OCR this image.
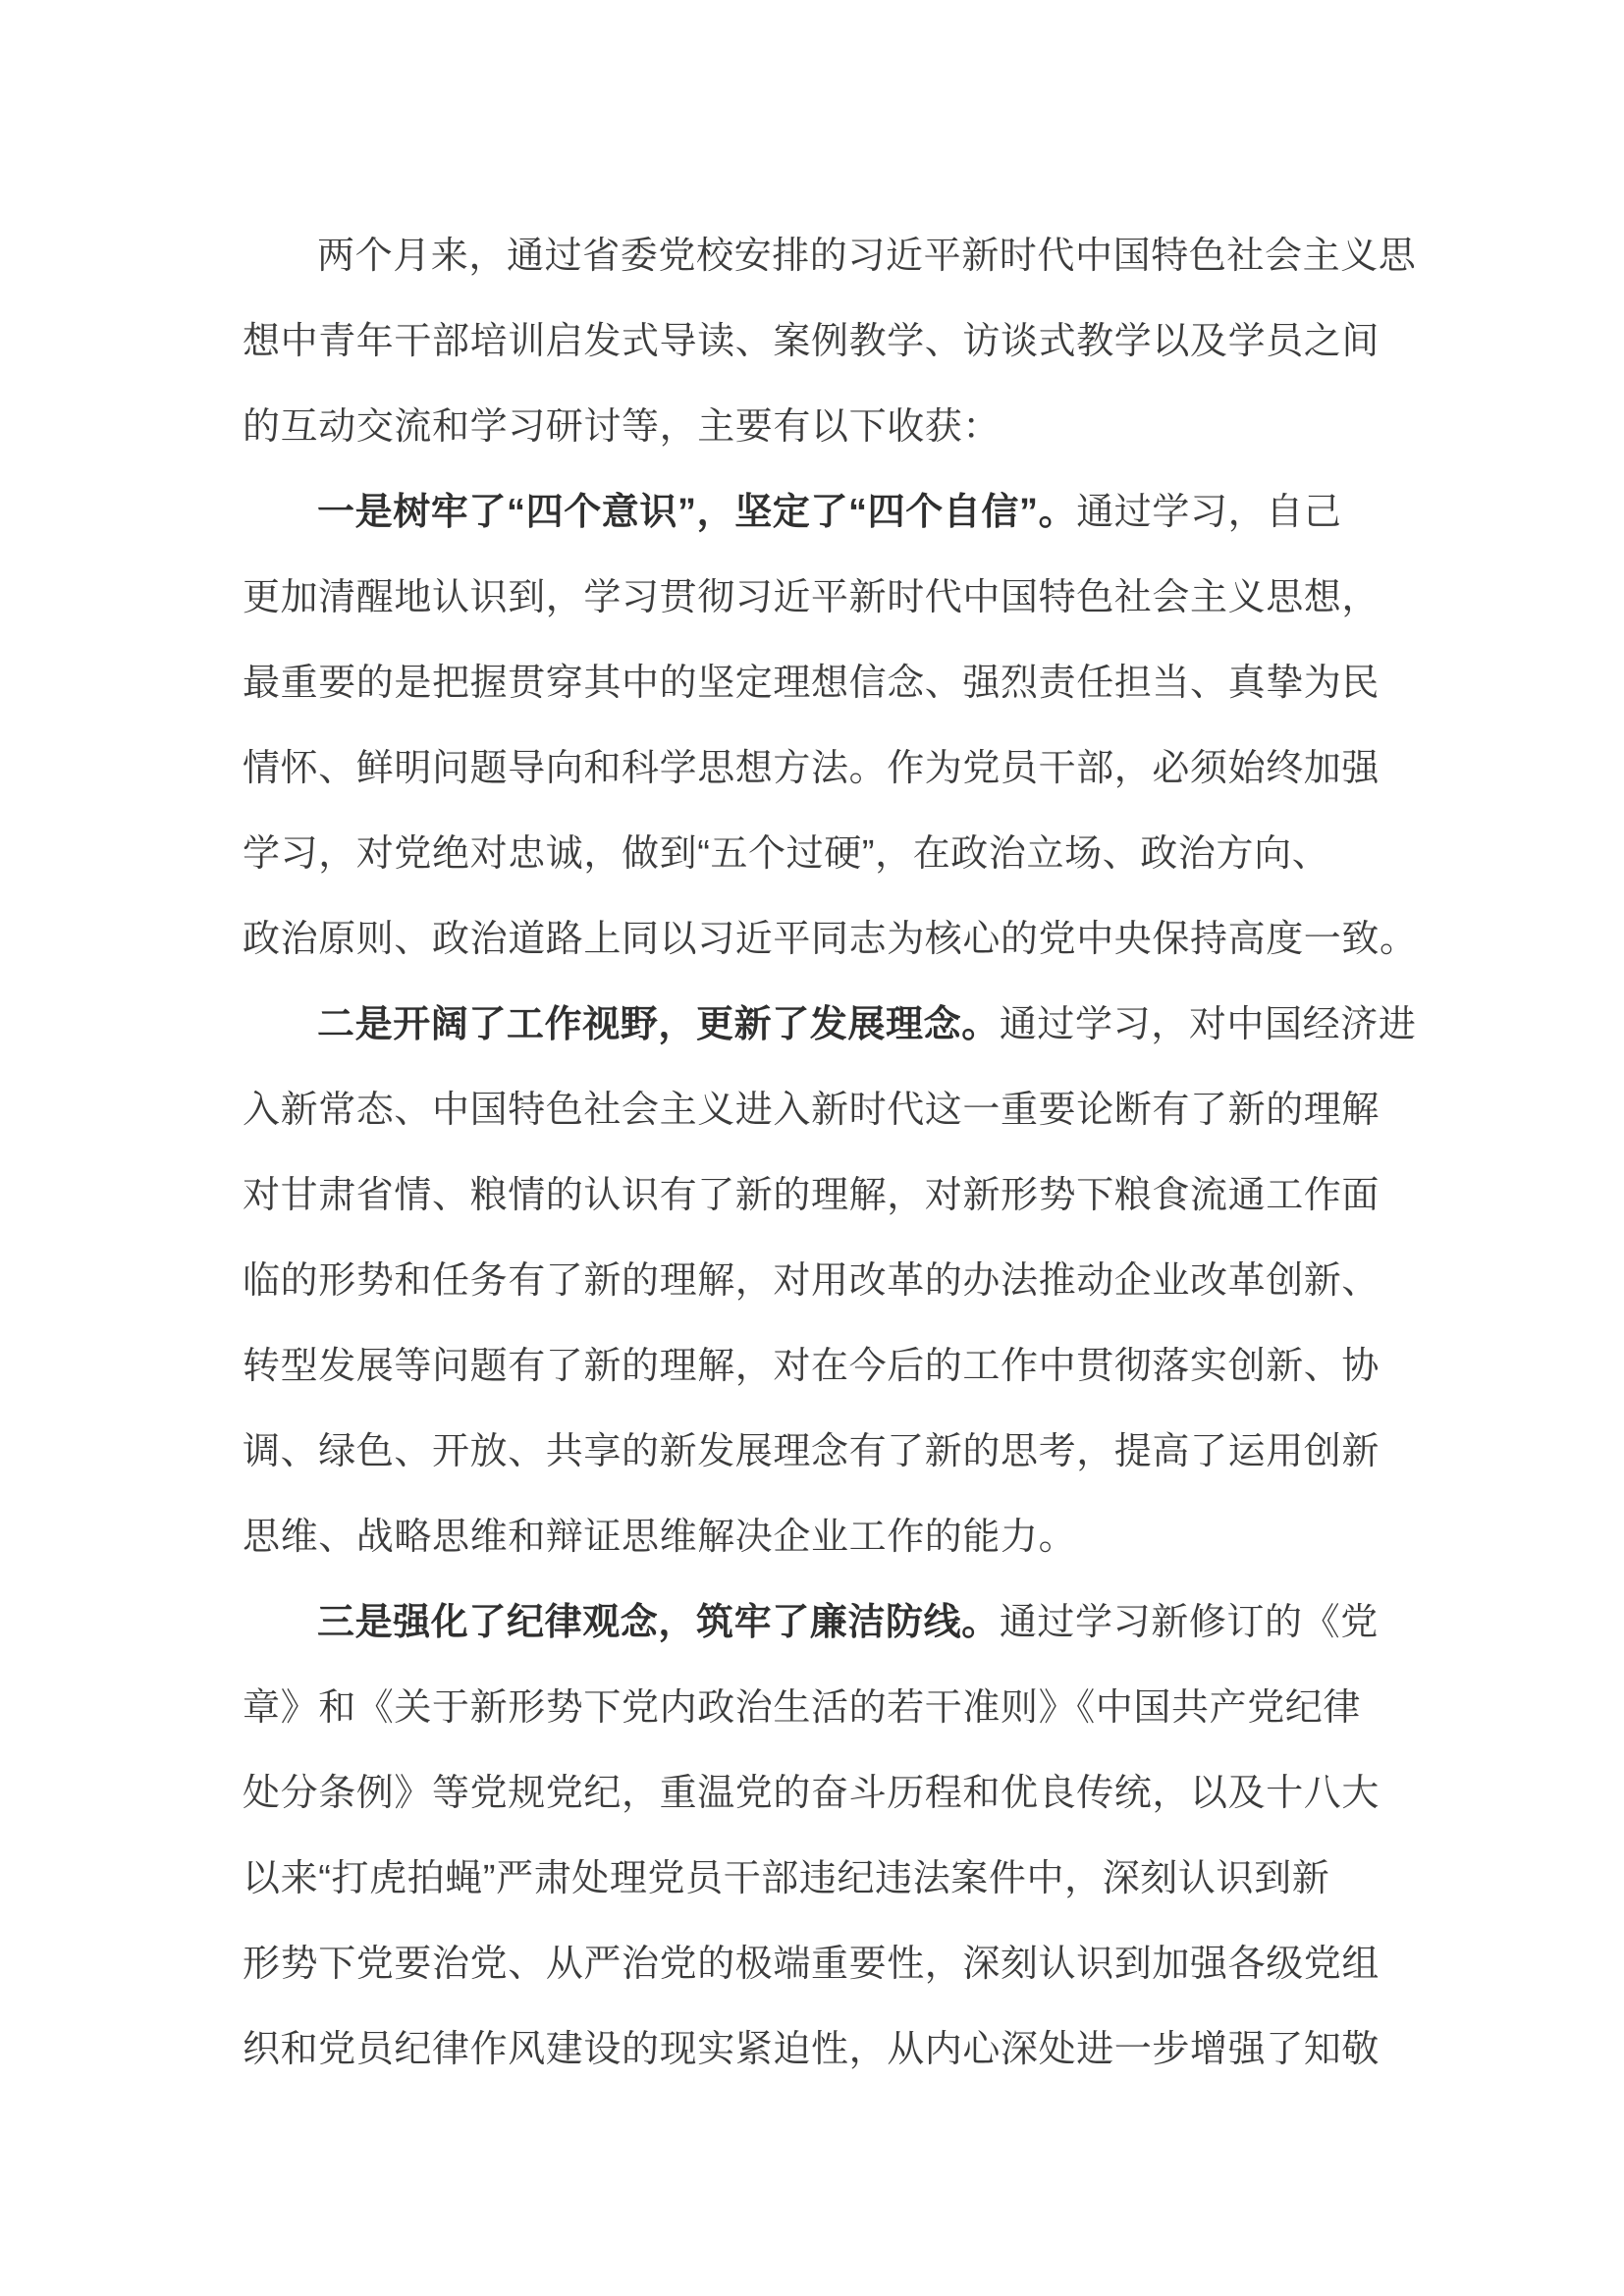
两个月来，通过省委党校安排的习近平新时代中国特色社会主义思
想中青年干部培训启发式导读、案例教学、访谈式教学以及学员之间
的互动交流和学习研讨等，主要有以下收获：
一是树牢了“四个意识”，坚定了“四个自信”。通过学习，自己
更加清醒地认识到，学习贯彻习近平新时代中国特色社会主义思想，
最重要的是把握贯穿其中的坚定理想信念、强烈责任担当、真挚为民
情怀、鲜明问题导向和科学思想方法。作为党员干部，必须始终加强
学习，对党绝对忠诚，做到“五个过硬”，在政治立场、政治方向、
政治原则、政治道路上同以习近平同志为核心的党中央保持高度一致。
二是开阔了工作视野，更新了发展理念。通过学习，对中国经济进
入新常态、中国特色社会主义进入新时代这一重要论断有了新的理解
对甘肃省情、粮情的认识有了新的理解，对新形势下粮食流通工作面
临的形势和任务有了新的理解，对用改革的办法推动企业改革创新、
转型发展等问题有了新的理解，对在今后的工作中贯彻落实创新、协
调、绿色、开放、共享的新发展理念有了新的思考，提高了运用创新
思维、战略思维和辩证思维解决企业工作的能力。
三是强化了纪律观念，筑牢了廉洁防线。通过学习新修订的《党
章》和《关于新形势下党内政治生活的若干准则》《中国共产党纪律
处分条例》等党规党纪，重温党的奋斗历程和优良传统，以及十八大
以来“打虎拍蝇”严肃处理党员干部违纪违法案件中，深刻认识到新
形势下党要治党、从严治党的极端重要性，深刻认识到加强各级党组
织和党员纪律作风建设的现实紧迫性，从内心深处进一步增强了知敬
